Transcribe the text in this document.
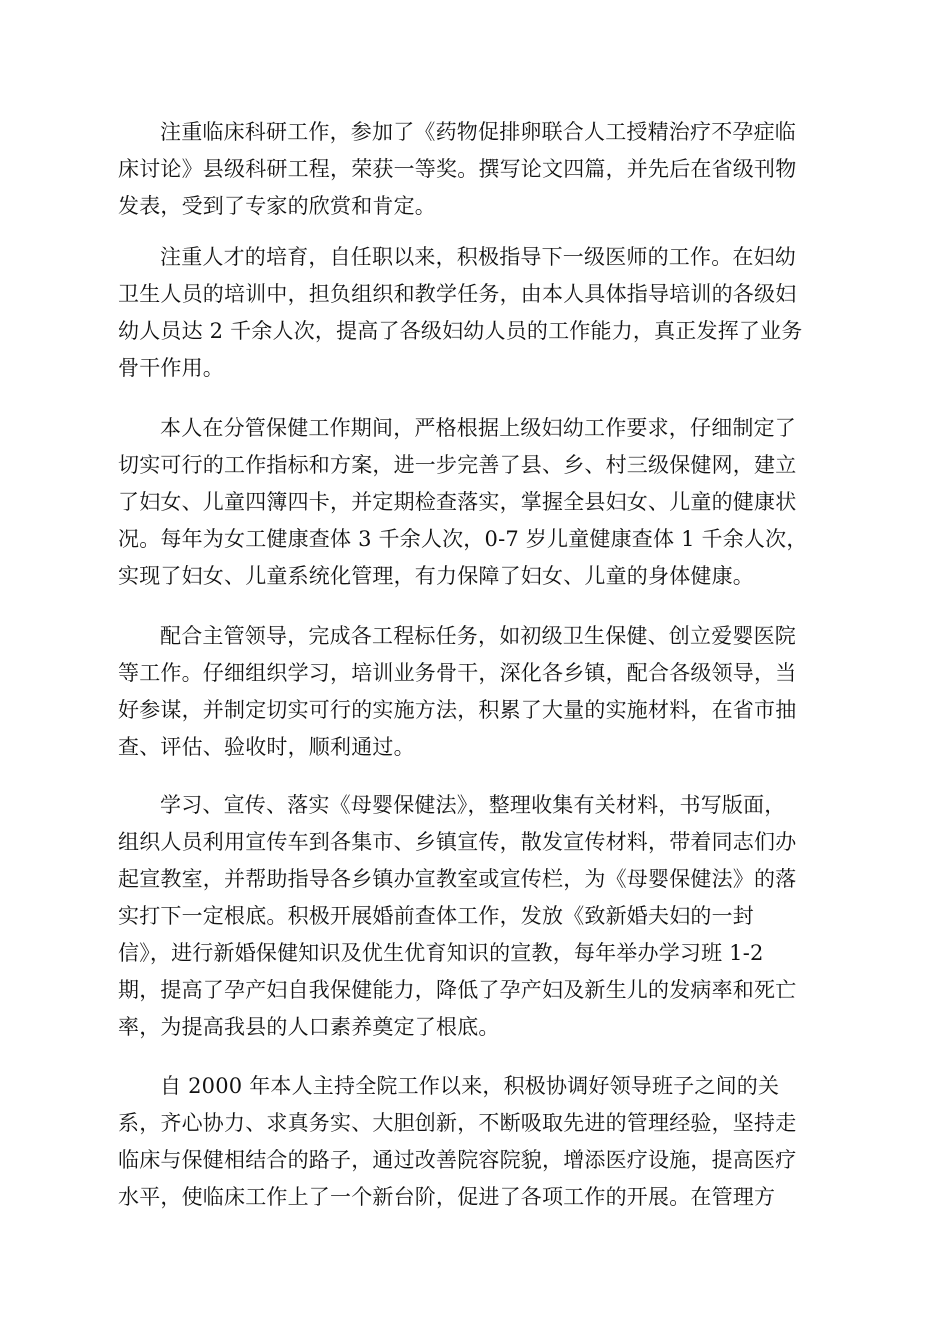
注重临床科研工作，参加了《药物促排卵联合人工授精治疗不孕症临
床讨论》县级科研工程，荣获一等奖。撰写论文四篇，并先后在省级刊物
发表，受到了专家的欣赏和肯定。
注重人才的培育，自任职以来，积极指导下一级医师的工作。在妇幼
卫生人员的培训中，担负组织和教学任务，由本人具体指导培训的各级妇
幼人员达 2 千余人次，提高了各级妇幼人员的工作能力，真正发挥了业务
骨干作用。
本人在分管保健工作期间，严格根据上级妇幼工作要求，仔细制定了
切实可行的工作指标和方案，进一步完善了县、乡、村三级保健网，建立
了妇女、儿童四簿四卡，并定期检查落实，掌握全县妇女、儿童的健康状
况。每年为女工健康查体 3 千余人次，0-7 岁儿童健康查体 1 千余人次，
实现了妇女、儿童系统化管理，有力保障了妇女、儿童的身体健康。
配合主管领导，完成各工程标任务，如初级卫生保健、创立爱婴医院
等工作。仔细组织学习，培训业务骨干，深化各乡镇，配合各级领导，当
好参谋，并制定切实可行的实施方法，积累了大量的实施材料，在省市抽
查、评估、验收时，顺利通过。
学习、宣传、落实《母婴保健法》，整理收集有关材料，书写版面，
组织人员利用宣传车到各集市、乡镇宣传，散发宣传材料，带着同志们办
起宣教室，并帮助指导各乡镇办宣教室或宣传栏，为《母婴保健法》的落
实打下一定根底。积极开展婚前查体工作，发放《致新婚夫妇的一封
信》，进行新婚保健知识及优生优育知识的宣教，每年举办学习班 1-2
期，提高了孕产妇自我保健能力，降低了孕产妇及新生儿的发病率和死亡
率，为提高我县的人口素养奠定了根底。
自 2000 年本人主持全院工作以来，积极协调好领导班子之间的关
系，齐心协力、求真务实、大胆创新，不断吸取先进的管理经验，坚持走
临床与保健相结合的路子，通过改善院容院貌，增添医疗设施，提高医疗
水平，使临床工作上了一个新台阶，促进了各项工作的开展。在管理方
